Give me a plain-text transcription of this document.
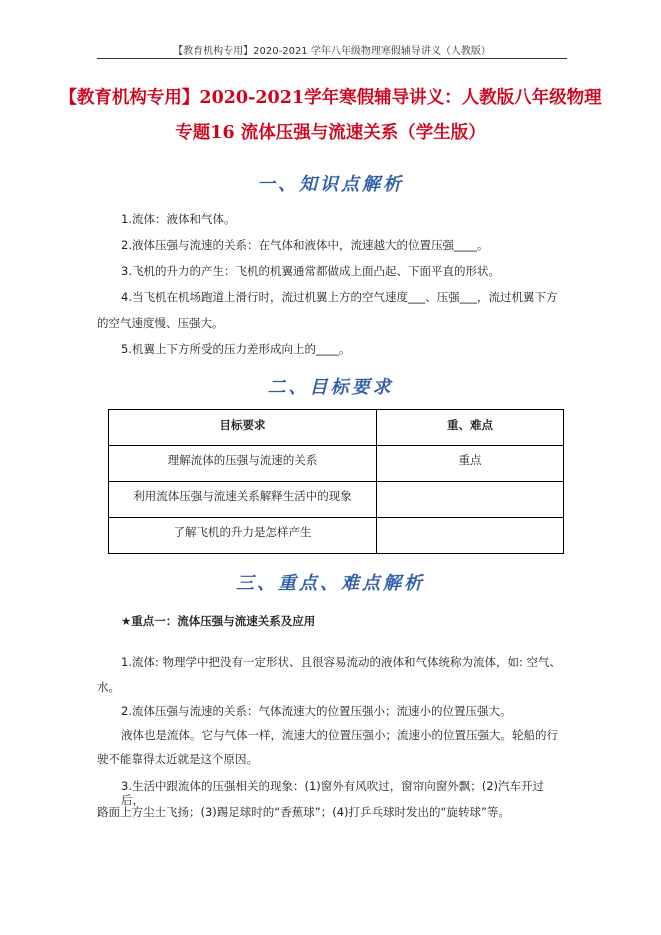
【教育机构专用】2020-2021 学年八年级物理寒假辅导讲义（人教版）
【教育机构专用】2020-2021学年寒假辅导讲义：人教版八年级物理
专题16 流体压强与流速关系（学生版）
一、知识点解析
1.流体：液体和气体。
2.液体压强与流速的关系：在气体和液体中，流速越大的位置压强____。
3.飞机的升力的产生：飞机的机翼通常都做成上面凸起、下面平直的形状。
4.当飞机在机场跑道上滑行时，流过机翼上方的空气速度___、压强___，流过机翼下方
的空气速度慢、压强大。
5.机翼上下方所受的压力差形成向上的____。
二、目标要求
目标要求	重、难点
理解流体的压强与流速的关系	重点
利用流体压强与流速关系解释生活中的现象	
了解飞机的升力是怎样产生	
三、重点、难点解析
★重点一：流体压强与流速关系及应用
1.流体: 物理学中把没有一定形状、且很容易流动的液体和气体统称为流体，如: 空气、
水。
2.流体压强与流速的关系：气体流速大的位置压强小；流速小的位置压强大。
液体也是流体。它与气体一样，流速大的位置压强小；流速小的位置压强大。轮船的行
驶不能靠得太近就是这个原因。
3.生活中跟流体的压强相关的现象：(1)窗外有风吹过，窗帘向窗外飘；(2)汽车开过后，
路面上方尘土飞扬；(3)踢足球时的“香蕉球”；(4)打乒乓球时发出的“旋转球”等。
